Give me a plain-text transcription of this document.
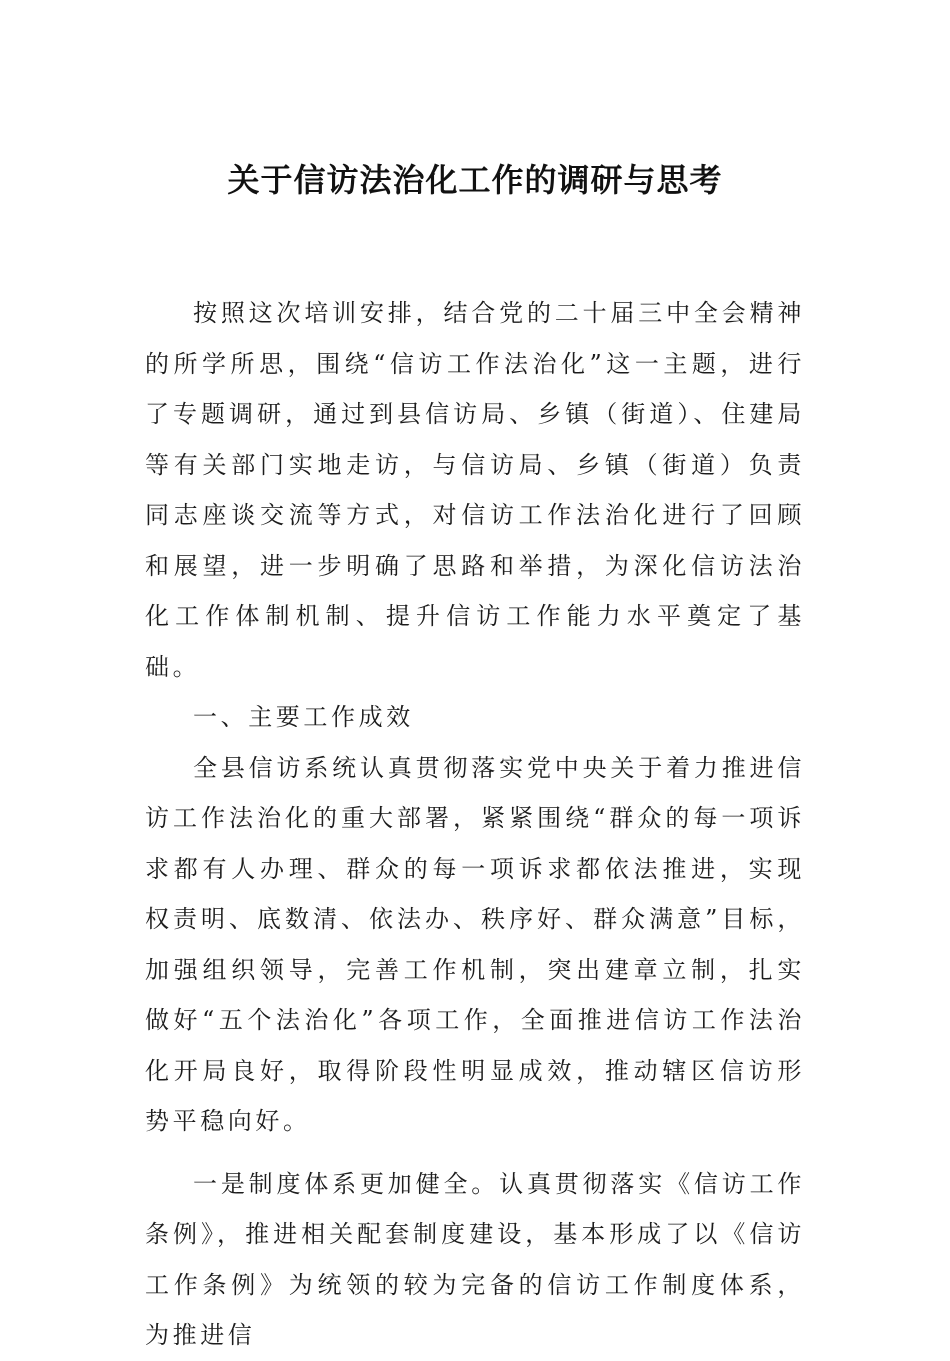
关于信访法治化工作的调研与思考

按照这次培训安排，结合党的二十届三中全会精神的所学所思，围绕“信访工作法治化”这一主题，进行了专题调研，通过到县信访局、乡镇（街道）、住建局等有关部门实地走访，与信访局、乡镇（街道）负责同志座谈交流等方式，对信访工作法治化进行了回顾和展望，进一步明确了思路和举措，为深化信访法治化工作体制机制、提升信访工作能力水平奠定了基础。

一、主要工作成效

全县信访系统认真贯彻落实党中央关于着力推进信访工作法治化的重大部署，紧紧围绕“群众的每一项诉求都有人办理、群众的每一项诉求都依法推进，实现权责明、底数清、依法办、秩序好、群众满意”目标，加强组织领导，完善工作机制，突出建章立制，扎实做好“五个法治化”各项工作，全面推进信访工作法治化开局良好，取得阶段性明显成效，推动辖区信访形势平稳向好。

一是制度体系更加健全。认真贯彻落实《信访工作条例》，推进相关配套制度建设，基本形成了以《信访工作条例》为统领的较为完备的信访工作制度体系，为推进信
